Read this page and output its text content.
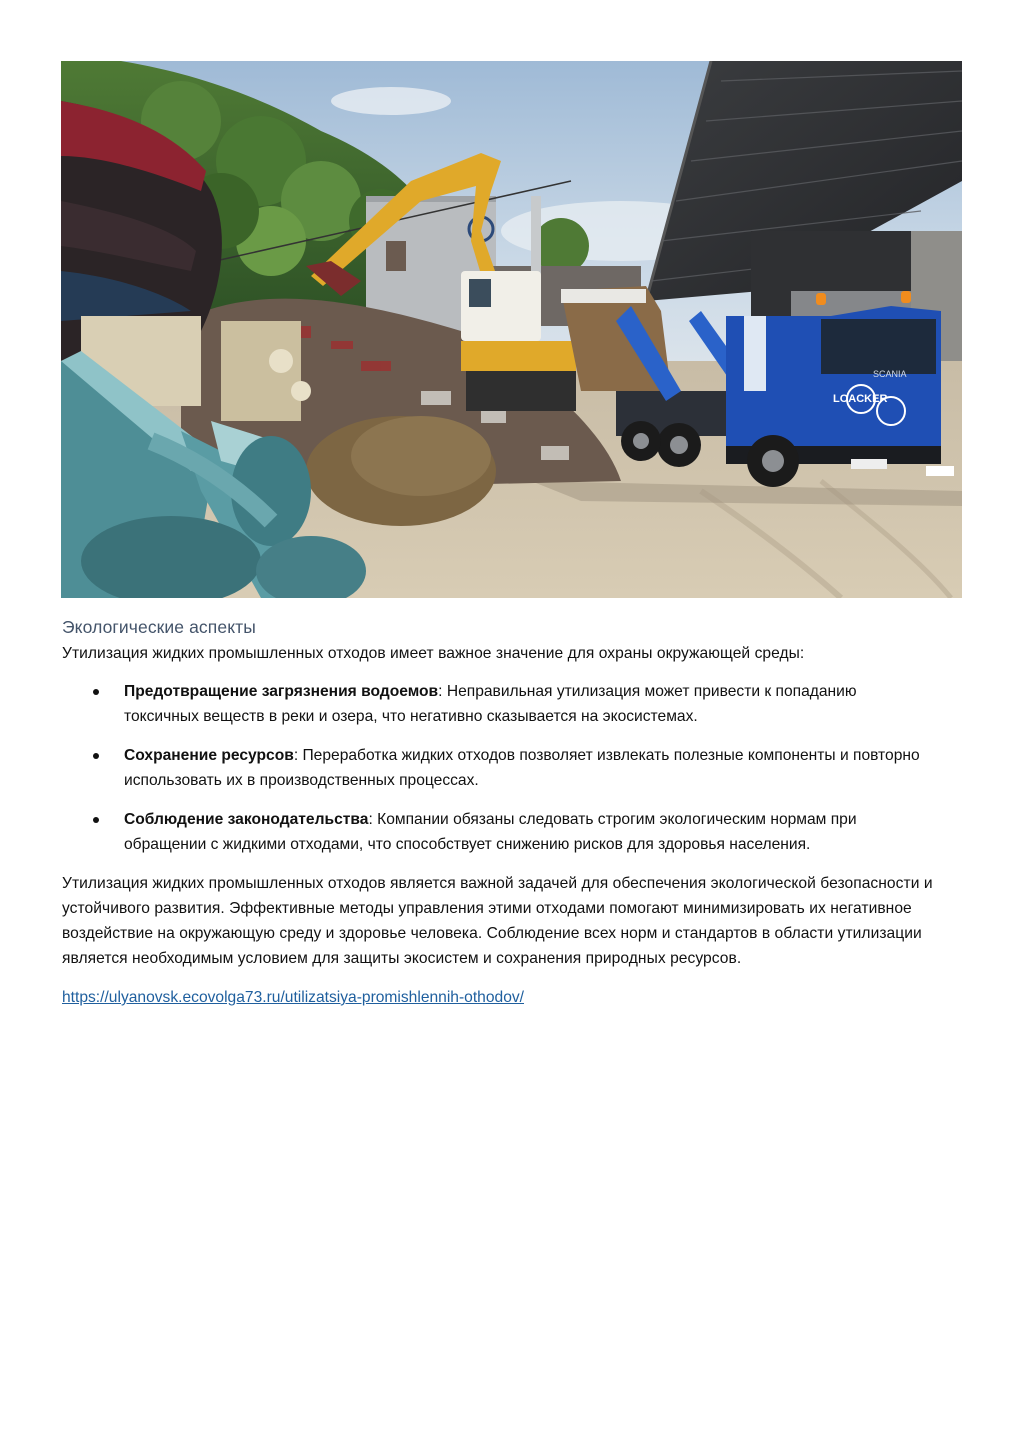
LOACKER
SCANIA
Экологические аспекты

Утилизация жидких промышленных отходов имеет важное значение для охраны окружающей среды:

Предотвращение загрязнения водоемов: Неправильная утилизация может привести к попаданию токсичных веществ в реки и озера, что негативно сказывается на экосистемах.
Сохранение ресурсов: Переработка жидких отходов позволяет извлекать полезные компоненты и повторно использовать их в производственных процессах.
Соблюдение законодательства: Компании обязаны следовать строгим экологическим нормам при обращении с жидкими отходами, что способствует снижению рисков для здоровья населения.

Утилизация жидких промышленных отходов является важной задачей для обеспечения экологической безопасности и устойчивого развития. Эффективные методы управления этими отходами помогают минимизировать их негативное воздействие на окружающую среду и здоровье человека. Соблюдение всех норм и стандартов в области утилизации является необходимым условием для защиты экосистем и сохранения природных ресурсов.

https://ulyanovsk.ecovolga73.ru/utilizatsiya-promishlennih-othodov/
